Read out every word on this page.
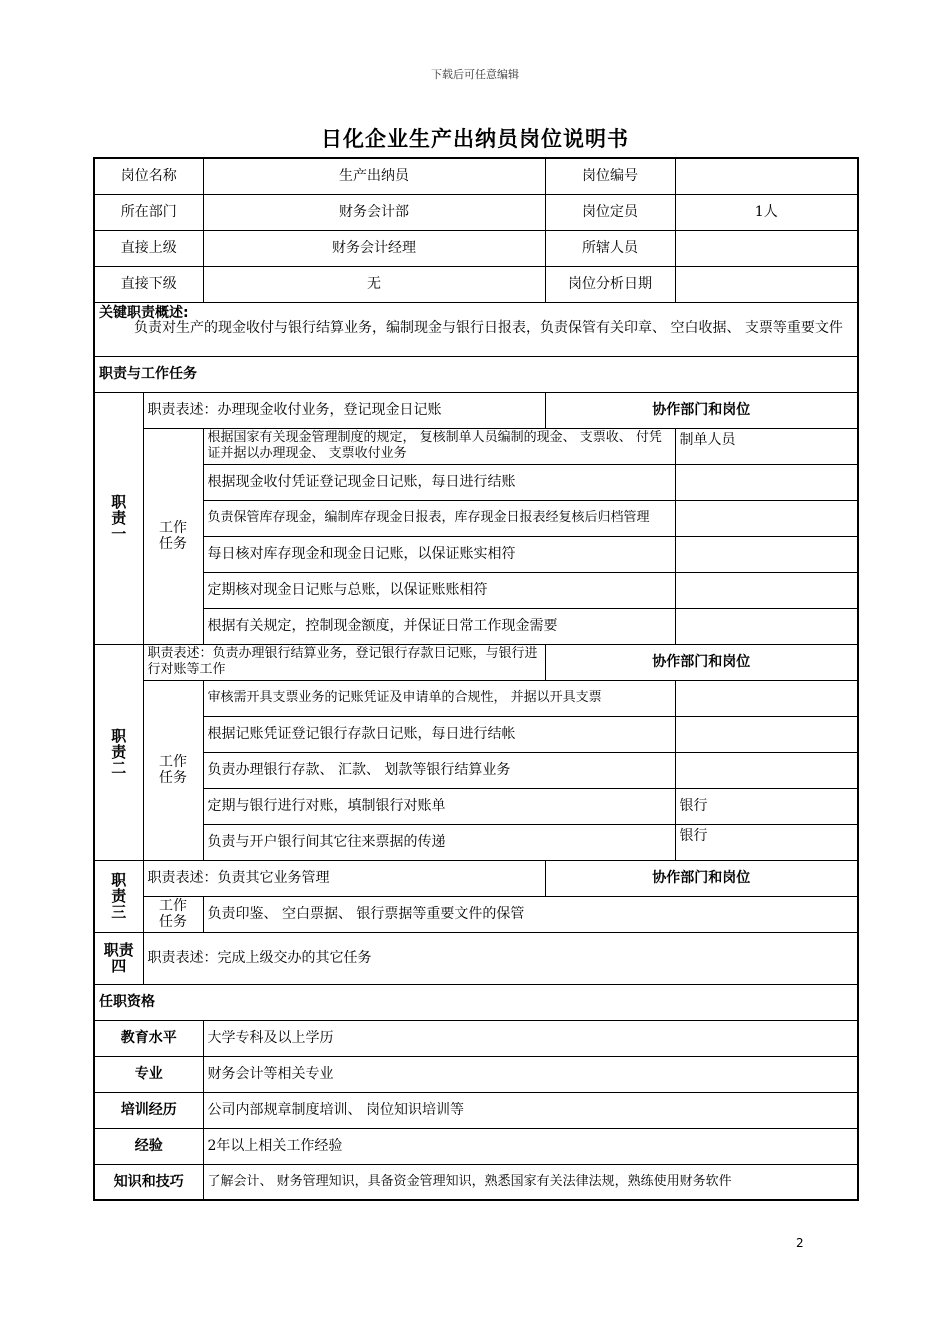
下载后可任意编辑
日化企业生产出纳员岗位说明书
岗位名称		生产出纳员	岗位编号	
所在部门		财务会计部	岗位定员	1人
直接上级		财务会计经理	所辖人员	
直接下级		无	岗位分析日期	

关键职责概述:
负责对生产的现金收付与银行结算业务，编制现金与银行日报表，负责保管有关印章、 空白收据、 支票等重要文件				

职责与工作任务				
职责一	职责表述：办理现金收付业务，登记现金日记账		协作部门和岗位	
	工作任务	根据国家有关现金管理制度的规定， 复核制单人员编制的现金、 支票收、 付凭证并据以办理现金、 支票收付业务		制单人员
		根据现金收付凭证登记现金日记账，每日进行结账		
		负责保管库存现金，编制库存现金日报表，库存现金日报表经复核后归档管理		
		每日核对库存现金和现金日记账，以保证账实相符		
		定期核对现金日记账与总账，以保证账账相符		
		根据有关规定，控制现金额度，并保证日常工作现金需要		
职责二	职责表述：负责办理银行结算业务，登记银行存款日记账，与银行进行对账等工作		协作部门和岗位	
	工作任务	审核需开具支票业务的记账凭证及申请单的合规性， 并据以开具支票		
		根据记账凭证登记银行存款日记账，每日进行结帐		
		负责办理银行存款、 汇款、 划款等银行结算业务		
		定期与银行进行对账，填制银行对账单		银行
		负责与开户银行间其它往来票据的传递		银行
职责三	职责表述：负责其它业务管理		协作部门和岗位	
	工作任务	负责印鉴、 空白票据、 银行票据等重要文件的保管		
职责四	职责表述：完成上级交办的其它任务			
任职资格				
教育水平		大学专科及以上学历		
专业		财务会计等相关专业		
培训经历		公司内部规章制度培训、 岗位知识培训等		
经验		2年以上相关工作经验		
知识和技巧		了解会计、 财务管理知识，具备资金管理知识，熟悉国家有关法律法规，熟练使用财务软件		
2
